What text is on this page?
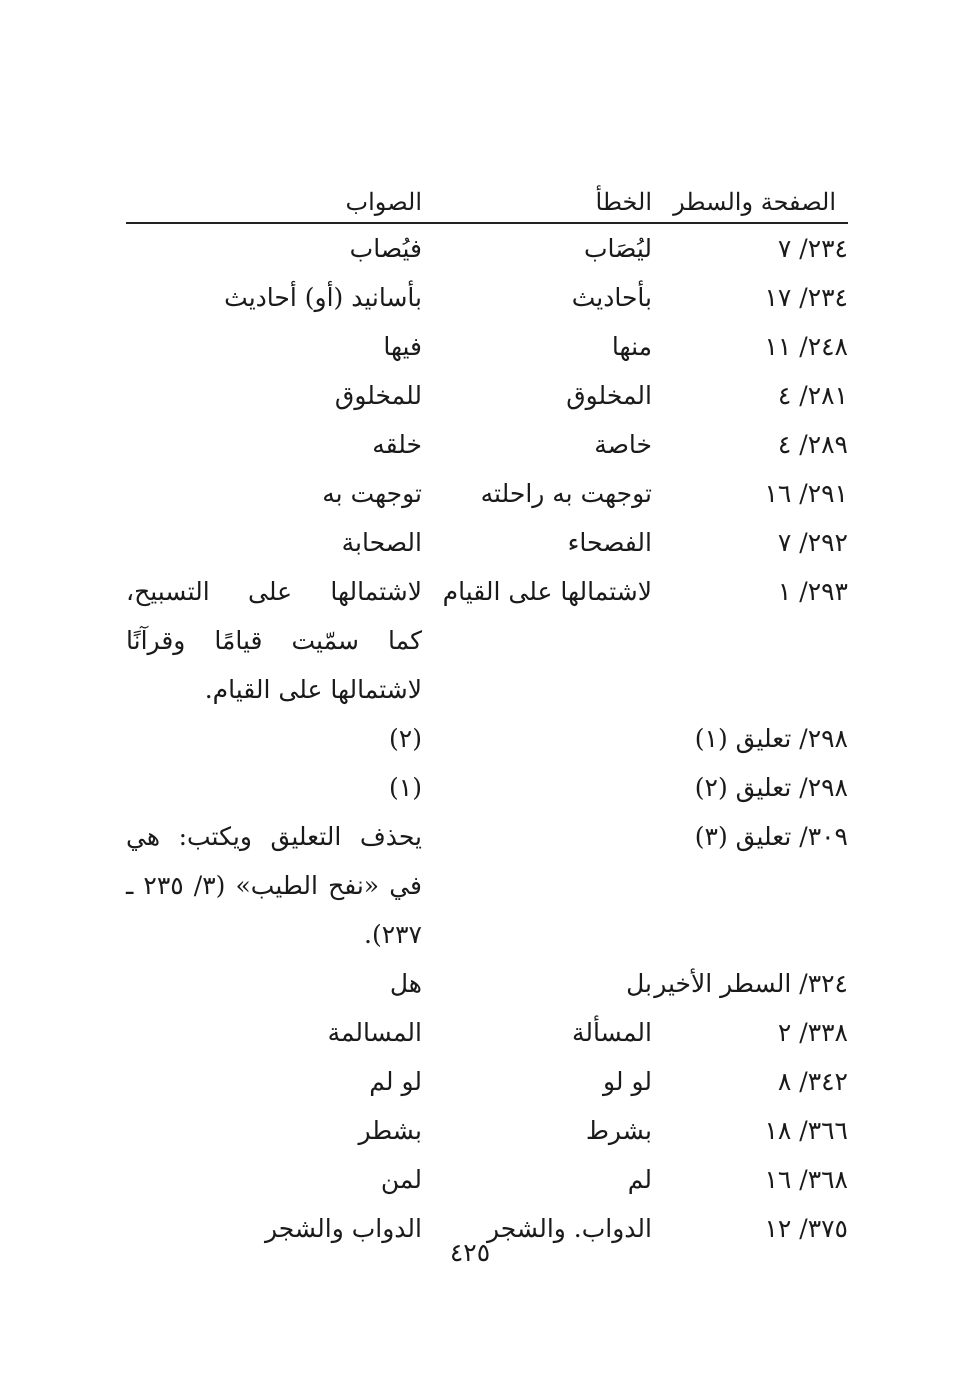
الصفحة والسطر
الخطأ
الصواب
٢٣٤/ ٧
ليُصَاب
فيُصاب
٢٣٤/ ١٧
بأحاديث
بأسانيد (أو) أحاديث
٢٤٨/ ١١
منها
فيها
٢٨١/ ٤
المخلوق
للمخلوق
٢٨٩/ ٤
خاصة
خلقه
٢٩١/ ١٦
توجهت به راحلته
توجهت به
٢٩٢/ ٧
الفصحاء
الصحابة
٢٩٣/ ١
لاشتمالها على القيام
لاشتمالها على التسبيح،
كما سمّيت قيامًا وقرآنًا
لاشتمالها على القيام.
٢٩٨/ تعليق (١)
(٢)
٢٩٨/ تعليق (٢)
(١)
٣٠٩/ تعليق (٣)
يحذف التعليق ويكتب: هي
في «نفح الطيب» (٣/ ٢٣٥ ـ
٢٣٧).
٣٢٤/ السطر الأخير
بل
هل
٣٣٨/ ٢
المسألة
المسالمة
٣٤٢/ ٨
لو لو
لو لم
٣٦٦/ ١٨
بشرط
بشطر
٣٦٨/ ١٦
لم
لمن
٣٧٥/ ١٢
الدواب. والشجر
الدواب والشجر
٤٢٥
